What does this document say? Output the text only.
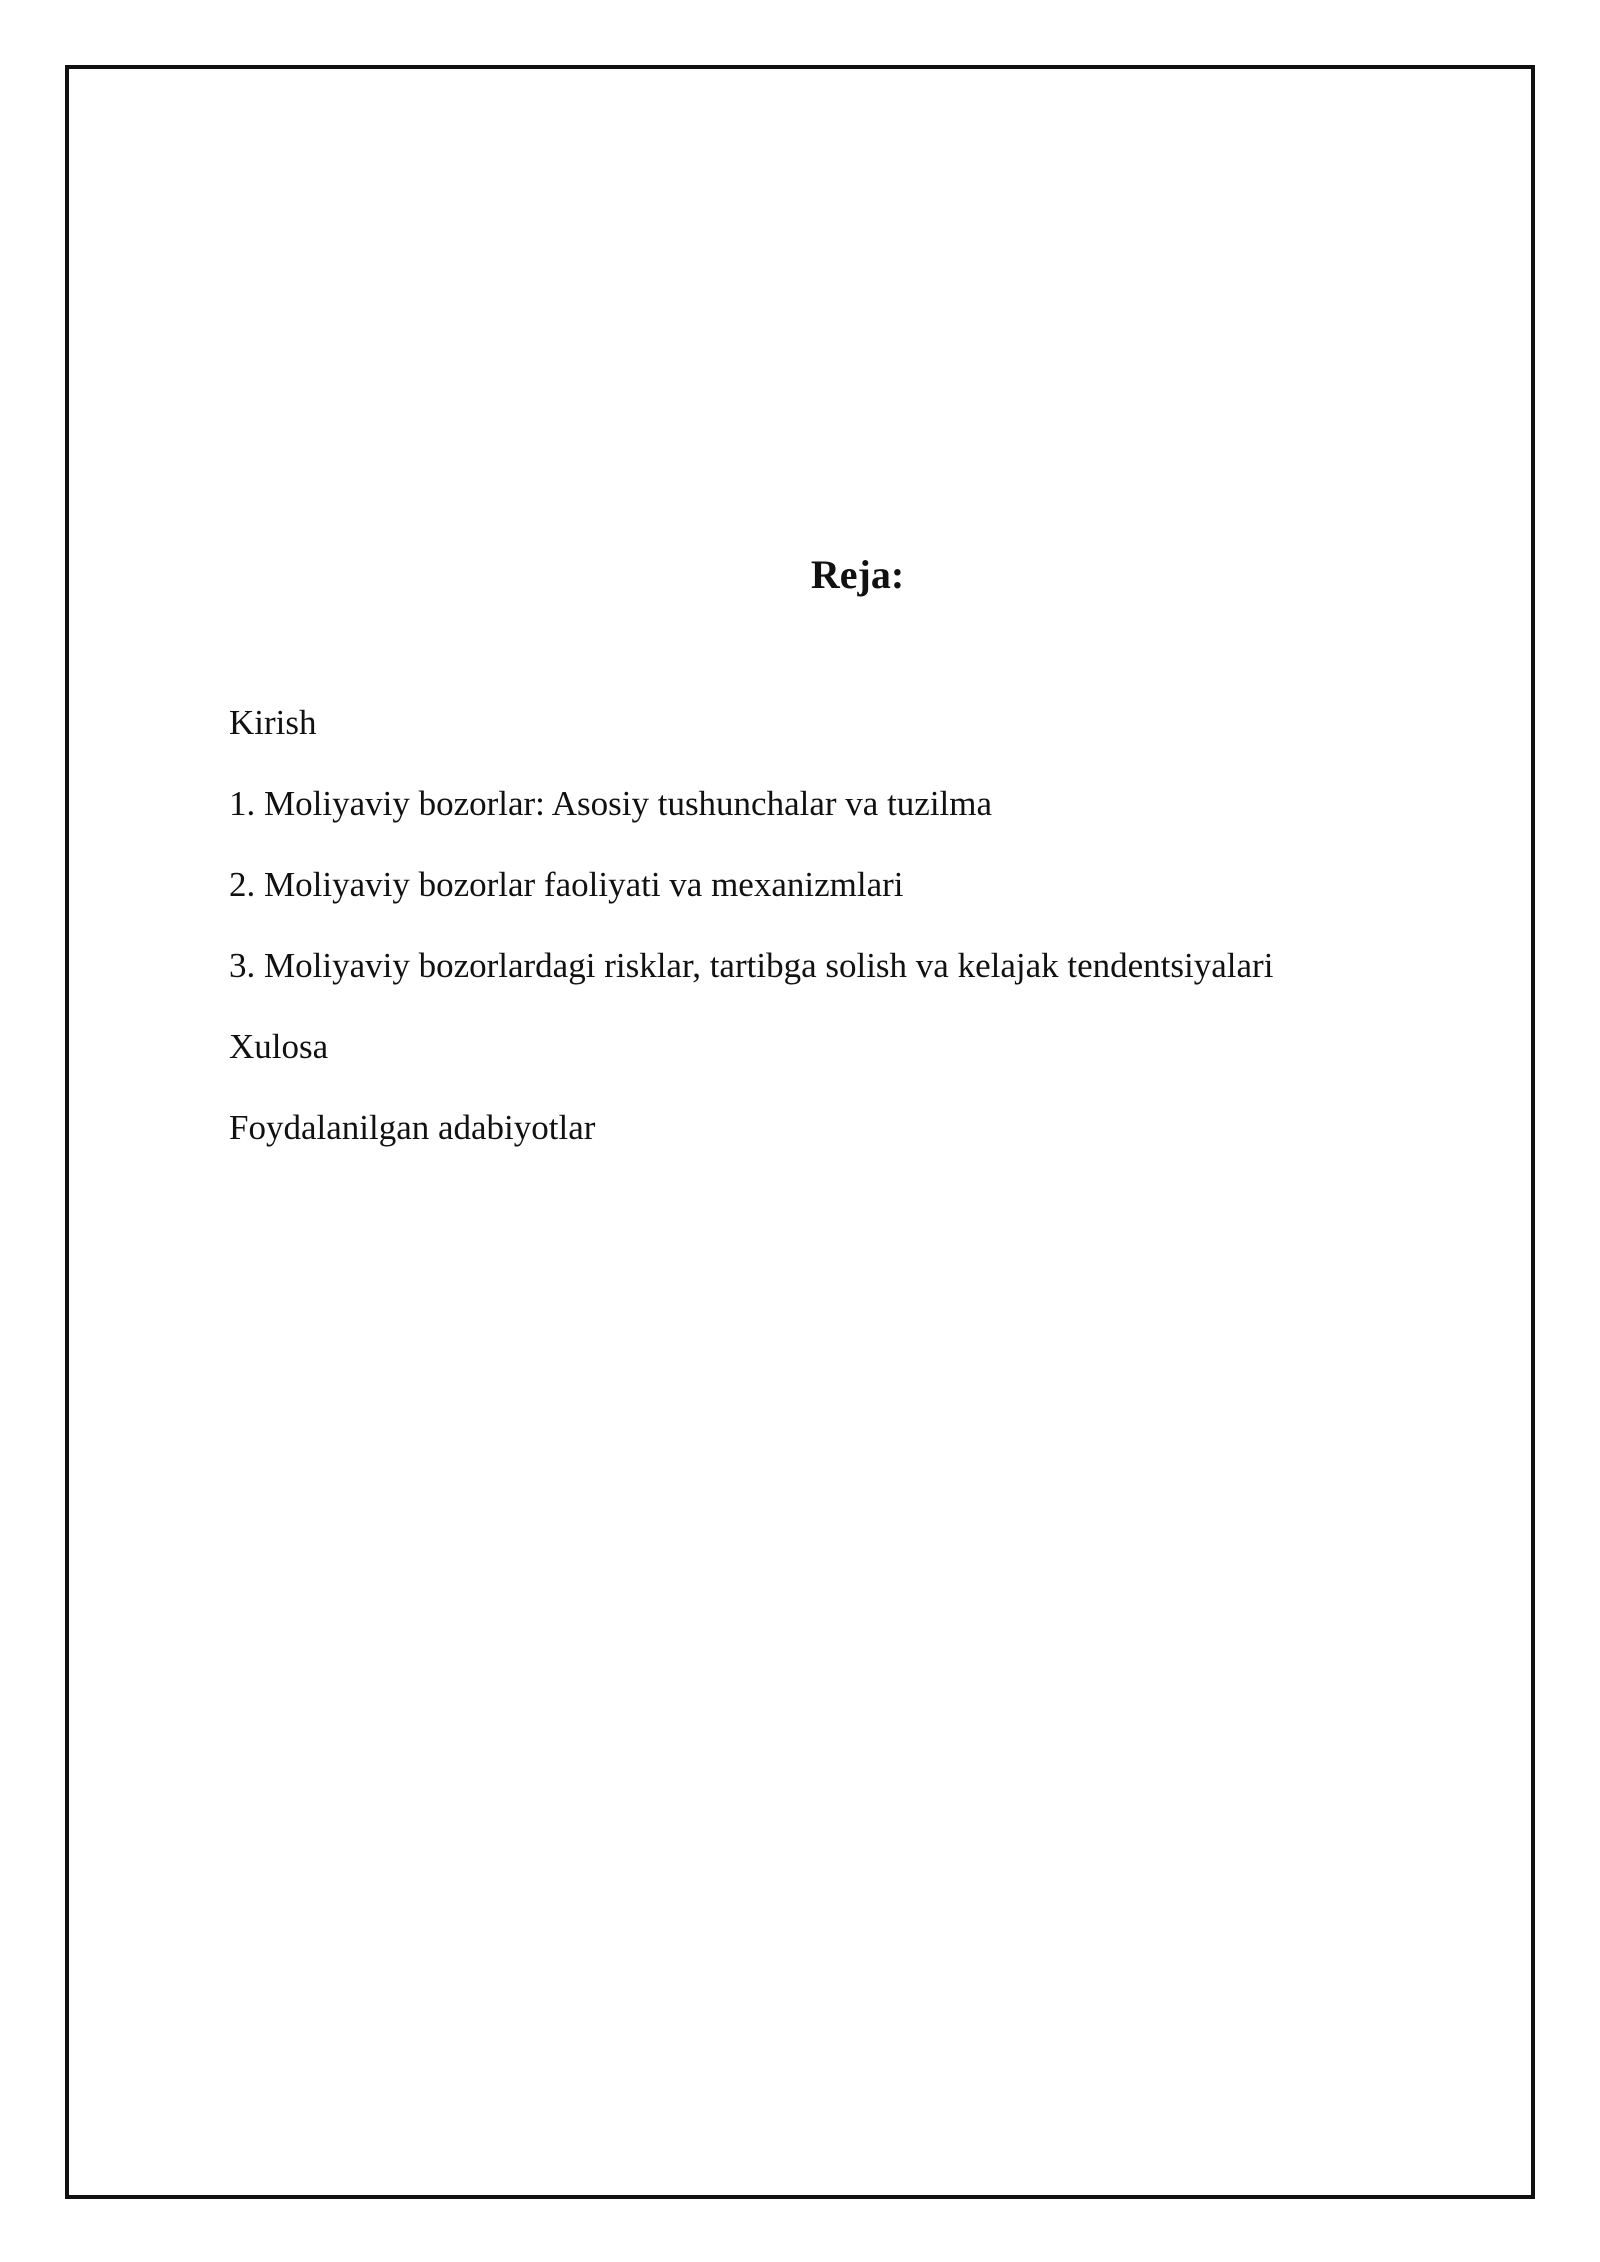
Reja:
Kirish
1. Moliyaviy bozorlar: Asosiy tushunchalar va tuzilma
2. Moliyaviy bozorlar faoliyati va mexanizmlari
3. Moliyaviy bozorlardagi risklar, tartibga solish va kelajak tendentsiyalari
Xulosa
Foydalanilgan adabiyotlar
